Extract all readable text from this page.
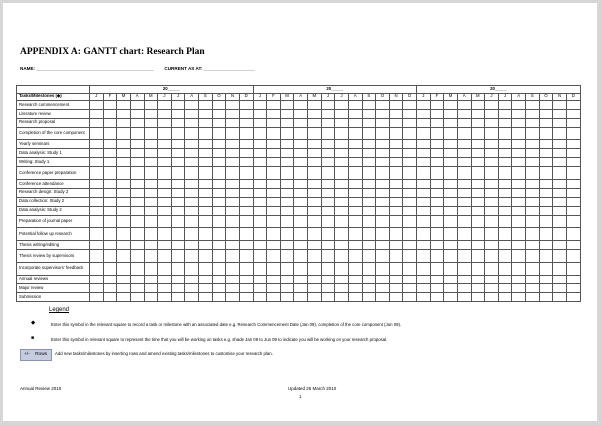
APPENDIX A: GANTT chart: Research Plan
NAME: ______________________________________________ CURRENT AS AT: ____________________
	20_____												20_____												20_____											
Tasks/Milestones (◆)	J	F	M	A	M	J	J	A	S	O	N	D	J	F	M	A	M	J	J	A	S	O	N	D	J	F	M	A	M	J	J	A	S	O	N	D
Research commencement																																				
Literature review																																				
Research proposal																																				
Completion of the core component																																				
Yearly seminars																																				
Data analysis: Study 1																																				
Writing: Study 1																																				
Conference paper preparation																																				
Conference attendance																																				
Research design: Study 2																																				
Data collection: Study 2																																				
Data analysis: Study 2																																				
Preparation of journal paper																																				
Potential follow up research																																				
Thesis writing/editing																																				
Thesis review by supervisors																																				
Incorporate supervisors' feedback																																				
Annual reviews																																				
Major review																																				
Submission																																				
Legend
◆	Enter this symbol in the relevant square to record a task or milestone with an associated date e.g. Research Commencement Date (Jan 09), completion of the core component (Jun 09).
■	Enter this symbol in relevant square to represent the time that you will be working on tasks e.g. shade Jan 09 to Jun 09 to indicate you will be working on your research proposal.
+/- Rows	Add new tasks/milestones by inserting rows and amend existing tasks/milestones to customise your research plan.
Annual Review 2010	Updated 25 March 2010
1
